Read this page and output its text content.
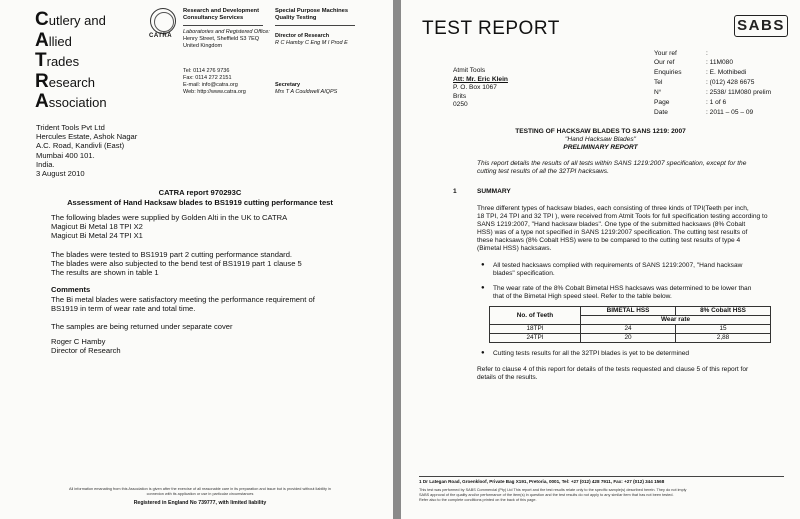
Cutlery and
Allied
Trades
Research
Association
CATRA
Research and Development
Consultancy Services
Special Purpose Machines
Quality Testing
Laboratories and Registered Office:
Henry Street, Sheffield S3 7EQ
United Kingdom
Director of Research
R C Hamby C Eng M I Prod E
Tel: 0114 276 9736
Fax: 0114 272 2151
E-mail: info@catra.org
Web: http://www.catra.org
Secretary
Mrs T A Couldwell AIQPS
Trident Tools Pvt Ltd
Hercules Estate, Ashok Nagar
A.C. Road, Kandivli (East)
Mumbai 400 101.
India.
3 August 2010
CATRA report 970293C
Assessment of Hand Hacksaw blades to BS1919 cutting performance test
The following blades were supplied by Golden Alti in the UK to CATRA
Magicut Bi Metal 18 TPI X2
Magicut Bi Metal 24 TPI X1
The blades were tested to BS1919 part 2 cutting performance standard.
The blades were also subjected to the bend test of BS1919 part 1 clause 5
The results are shown in table 1
Comments
The Bi metal blades were satisfactory meeting the performance requirement of
BS1919 in term of wear rate and total time.
The samples are being returned under separate cover
Roger C Hamby
Director of Research
All information emanating from this Association is given after the exercise of all reasonable care in its preparation and issue but is provided without liability in
connexion with its application or use in particular circumstances
Registered in England No 739777, with limited liability
TEST REPORT	SABS
Your ref	:
Our ref	: 11M080
Enquiries	: E. Mothibedi
Tel	: (012) 428 6675
N°	: 2538/ 11M080 prelim
Page	: 1 of 6
Date	: 2011 – 05 – 09
Atmit Tools
Att: Mr. Eric Klein
P. O. Box 1067
Brits
0250
TESTING OF HACKSAW BLADES TO SANS 1219: 2007
"Hand Hacksaw Blades"
PRELIMINARY REPORT
This report details the results of all tests within SANS 1219:2007 specification, except for the
cutting test results of all the 32TPI hacksaws.
1	SUMMARY
Three different types of hacksaw blades, each consisting of three kinds of TPI(Teeth per inch,
18 TPI, 24 TPI and 32 TPI ), were received from Atmit Tools for full specification testing according to
SANS 1219:2007, "Hand hacksaw blades". One type of the submitted hacksaws (8% Cobalt
HSS) was of a type not specified in SANS 1219:2007 specification. The cutting test results of
these hacksaws (8% Cobalt HSS) were to be compared to the cutting test results of type 4
(Bimetal HSS) hacksaws.
● All tested hacksaws complied with requirements of SANS 1219:2007, "Hand hacksaw
blades" specification.
● The wear rate of the 8% Cobalt Bimetal HSS hacksaws was determined to be lower than
that of the Bimetal High speed steel. Refer to the table below.
No. of Teeth	BIMETAL HSS	8% Cobalt HSS
	Wear rate	
18TPI	24	15
24TPI	20	2,88
● Cutting tests results for all the 32TPI blades is yet to be determined
Refer to clause 4 of this report for details of the tests requested and clause 5 of this report for
details of the results.
1 Dr Lategan Road, Groenkloof, Private Bag X191, Pretoria, 0001, Tel: +27 (012) 428 7911, Fax: +27 (012) 344 1568
This test was performed by SABS Commercial (Pty) Ltd This report and the test results relate only to the specific sample(s) described herein. They do not imply
SABS approval of the quality and/or performance of the item(s) in question and the test results do not apply to any similar item that has not been tested.
Refer also to the complete conditions printed on the back of this page.
